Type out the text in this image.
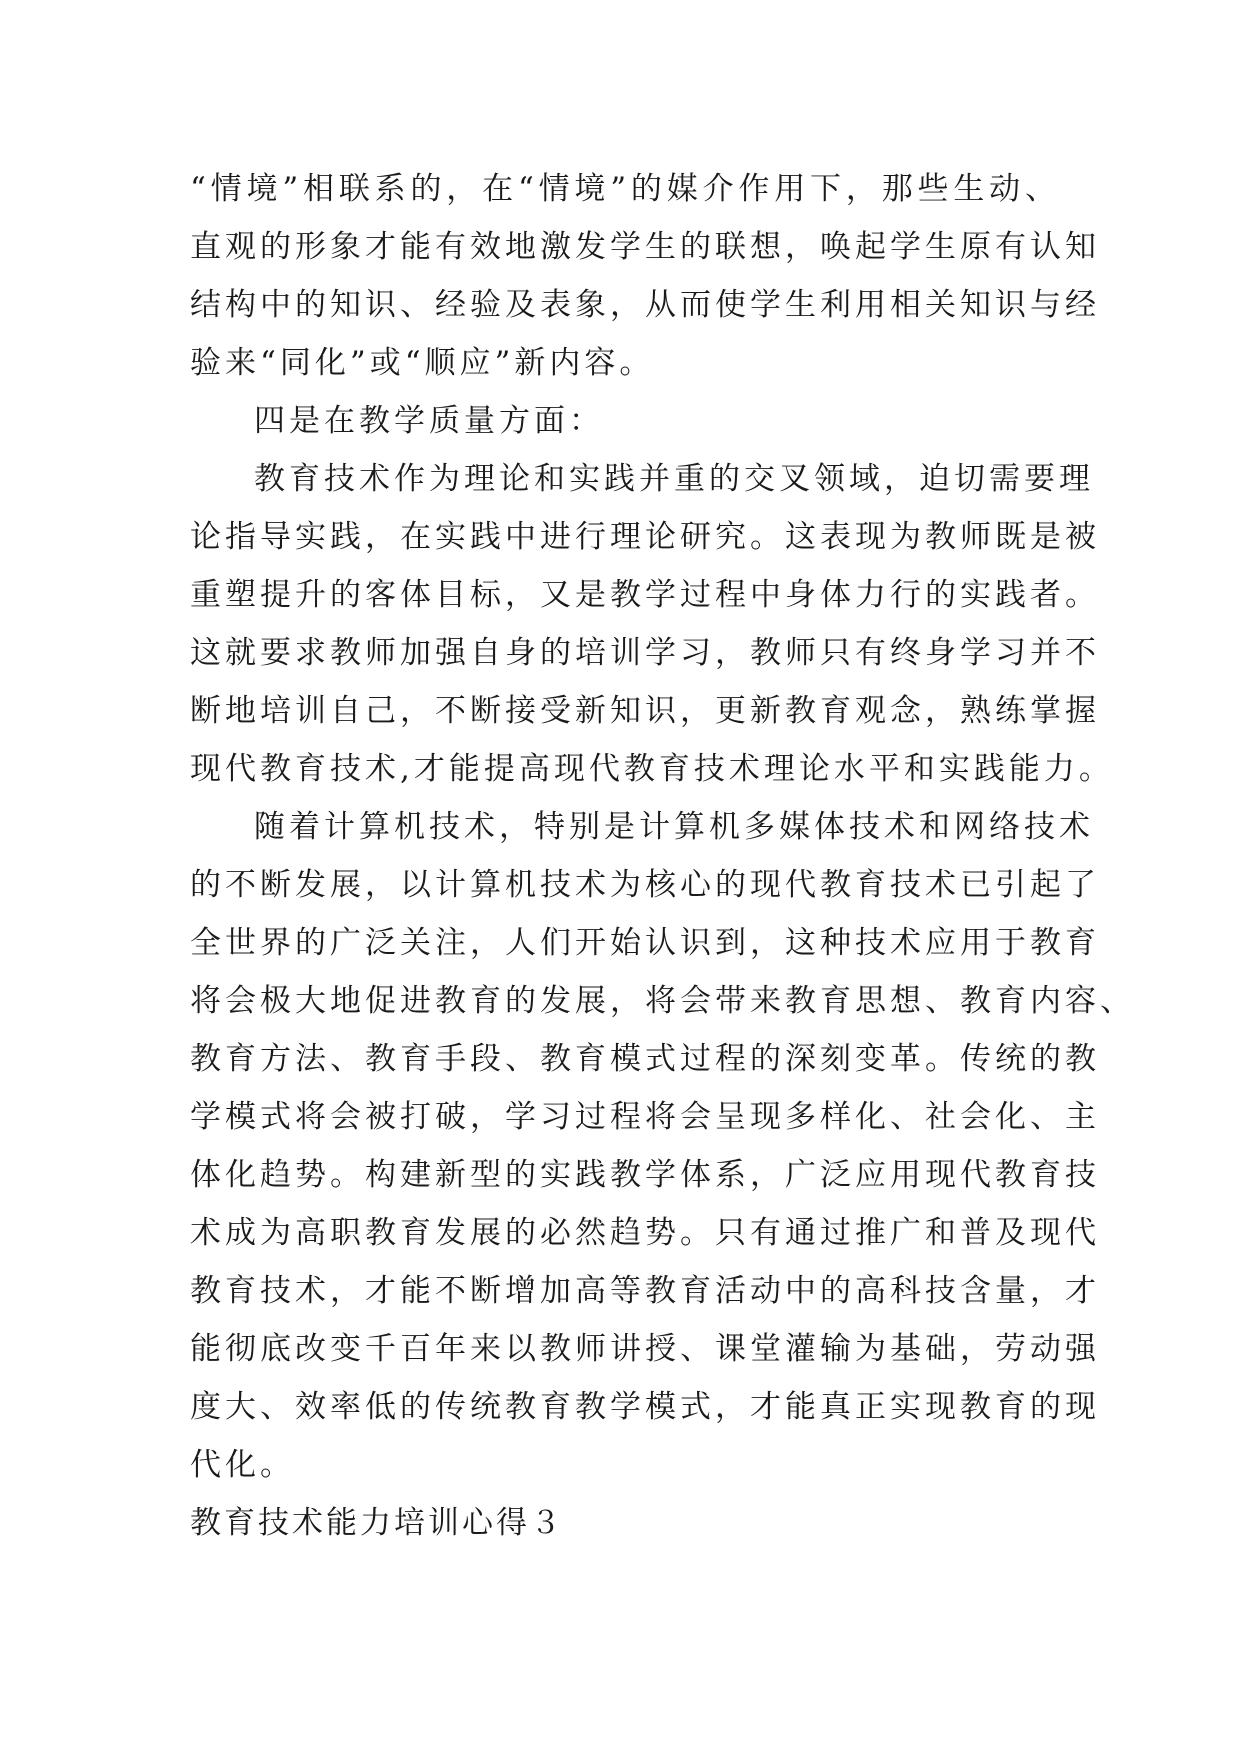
“情境”相联系的，在“情境”的媒介作用下，那些生动、
直观的形象才能有效地激发学生的联想，唤起学生原有认知
结构中的知识、经验及表象，从而使学生利用相关知识与经
验来“同化”或“顺应”新内容。
四是在教学质量方面：
教育技术作为理论和实践并重的交叉领域，迫切需要理
论指导实践，在实践中进行理论研究。这表现为教师既是被
重塑提升的客体目标，又是教学过程中身体力行的实践者。
这就要求教师加强自身的培训学习，教师只有终身学习并不
断地培训自己，不断接受新知识，更新教育观念，熟练掌握
现代教育技术,才能提高现代教育技术理论水平和实践能力。
随着计算机技术，特别是计算机多媒体技术和网络技术
的不断发展，以计算机技术为核心的现代教育技术已引起了
全世界的广泛关注，人们开始认识到，这种技术应用于教育
将会极大地促进教育的发展，将会带来教育思想、教育内容、
教育方法、教育手段、教育模式过程的深刻变革。传统的教
学模式将会被打破，学习过程将会呈现多样化、社会化、主
体化趋势。构建新型的实践教学体系，广泛应用现代教育技
术成为高职教育发展的必然趋势。只有通过推广和普及现代
教育技术，才能不断增加高等教育活动中的高科技含量，才
能彻底改变千百年来以教师讲授、课堂灌输为基础，劳动强
度大、效率低的传统教育教学模式，才能真正实现教育的现
代化。
教育技术能力培训心得３
